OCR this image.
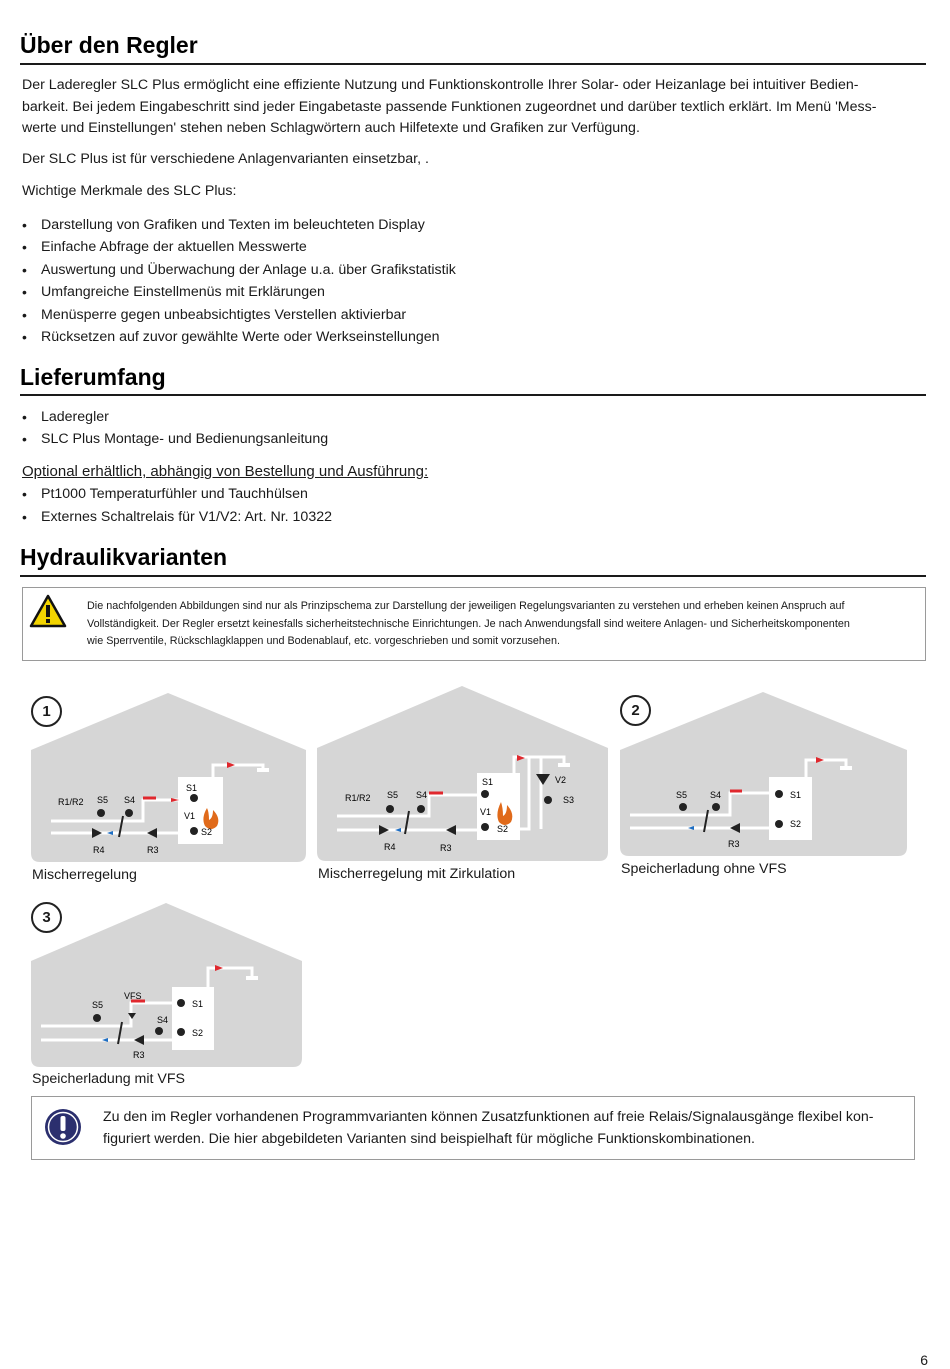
Über den Regler
Der Laderegler SLC Plus ermöglicht eine effiziente Nutzung und Funktionskontrolle Ihrer Solar- oder Heizanlage bei intuitiver Bedien-
barkeit. Bei jedem Eingabeschritt sind jeder Eingabetaste passende Funktionen zugeordnet und darüber textlich erklärt. Im Menü 'Mess-
werte und Einstellungen' stehen neben Schlagwörtern auch Hilfetexte und Grafiken zur Verfügung.
Der SLC Plus ist für verschiedene Anlagenvarianten einsetzbar, .
Wichtige Merkmale des SLC Plus:
• Darstellung von Grafiken und Texten im beleuchteten Display
• Einfache Abfrage der aktuellen Messwerte
• Auswertung und Überwachung der Anlage u.a. über Grafikstatistik
• Umfangreiche Einstellmenüs mit Erklärungen
• Menüsperre gegen unbeabsichtigtes Verstellen aktivierbar
• Rücksetzen auf zuvor gewählte Werte oder Werkseinstellungen
Lieferumfang
• Laderegler
• SLC Plus Montage- und Bedienungsanleitung
Optional erhältlich, abhängig von Bestellung und Ausführung:
• Pt1000 Temperaturfühler und Tauchhülsen
• Externes Schaltrelais für V1/V2: Art. Nr. 10322
Hydraulikvarianten
Die nachfolgenden Abbildungen sind nur als Prinzipschema zur Darstellung der jeweiligen Regelungsvarianten zu verstehen und erheben keinen Anspruch auf
Vollständigkeit. Der Regler ersetzt keinesfalls sicherheitstechnische Einrichtungen. Je nach Anwendungsfall sind weitere Anlagen- und Sicherheitskomponenten
wie Sperrventile, Rückschlagklappen und Bodenablauf, etc. vorgeschrieben und somit vorzusehen.
R1/R2 S5 S4
S1
V1
S2
R4	R3
1
Mischerregelung
R1/R2 S5 S4
S1
V1
S2
V2
S3
R4	R3
Mischerregelung mit Zirkulation
S5	S4	S1
S2
R3
2
Speicherladung ohne VFS
S5
VFS
S4
S1
S2
R3
3
Speicherladung mit VFS
Zu den im Regler vorhandenen Programmvarianten können Zusatzfunktionen auf freie Relais/Signalausgänge flexibel kon-
figuriert werden. Die hier abgebildeten Varianten sind beispielhaft für mögliche Funktionskombinationen.
6
